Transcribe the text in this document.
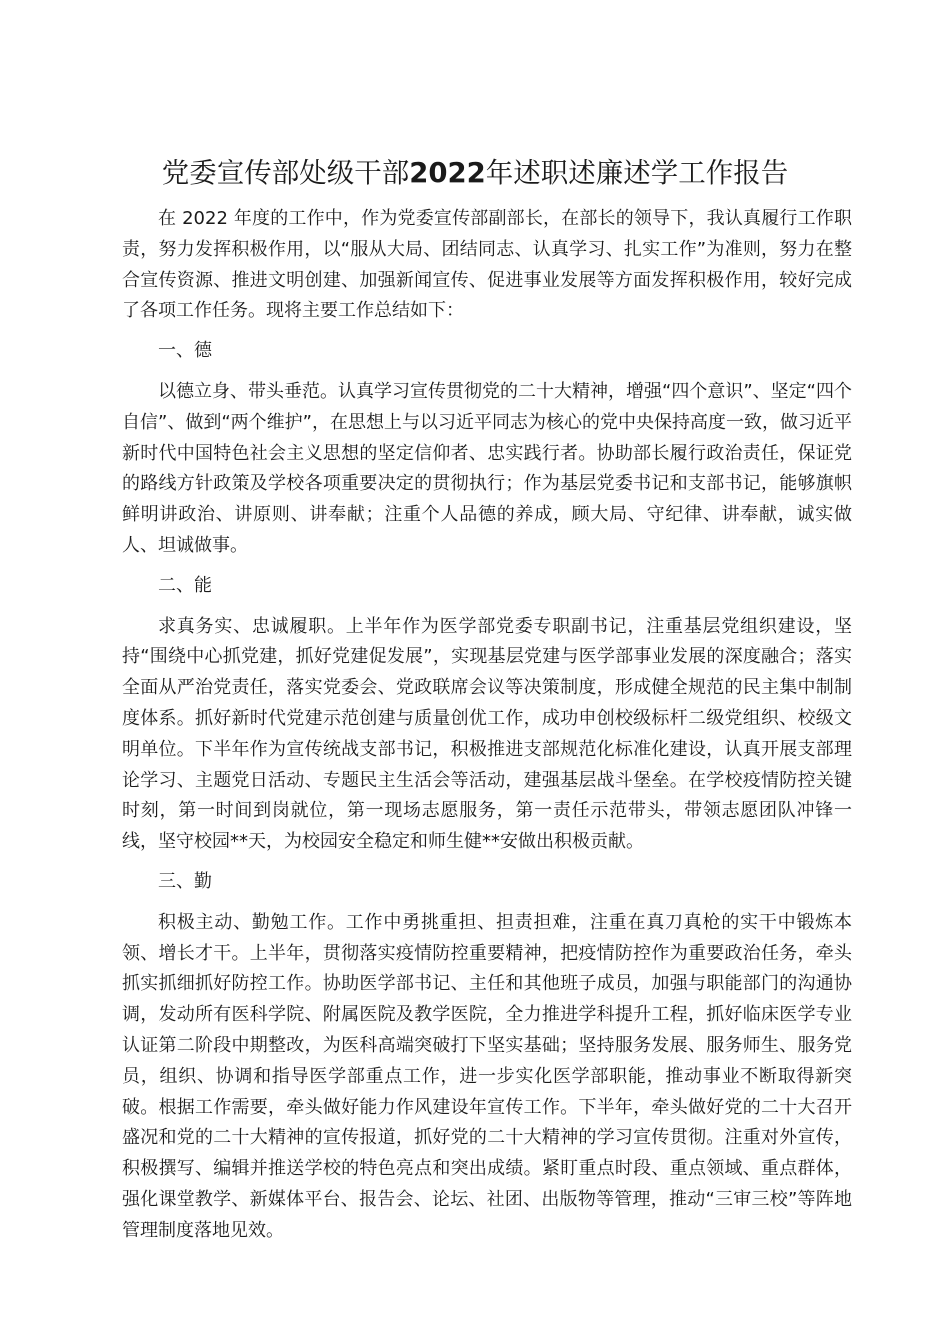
党委宣传部处级干部2022年述职述廉述学工作报告

在 2022 年度的工作中，作为党委宣传部副部长，在部长的领导下，我认真履行工作职责，努力发挥积极作用，以“服从大局、团结同志、认真学习、扎实工作”为准则，努力在整合宣传资源、推进文明创建、加强新闻宣传、促进事业发展等方面发挥积极作用，较好完成了各项工作任务。现将主要工作总结如下：

一、德

以德立身、带头垂范。认真学习宣传贯彻党的二十大精神，增强“四个意识”、坚定“四个自信”、做到“两个维护”，在思想上与以习近平同志为核心的党中央保持高度一致，做习近平新时代中国特色社会主义思想的坚定信仰者、忠实践行者。协助部长履行政治责任，保证党的路线方针政策及学校各项重要决定的贯彻执行；作为基层党委书记和支部书记，能够旗帜鲜明讲政治、讲原则、讲奉献；注重个人品德的养成，顾大局、守纪律、讲奉献，诚实做人、坦诚做事。

二、能

求真务实、忠诚履职。上半年作为医学部党委专职副书记，注重基层党组织建设，坚持“围绕中心抓党建，抓好党建促发展”，实现基层党建与医学部事业发展的深度融合；落实全面从严治党责任，落实党委会、党政联席会议等决策制度，形成健全规范的民主集中制制度体系。抓好新时代党建示范创建与质量创优工作，成功申创校级标杆二级党组织、校级文明单位。下半年作为宣传统战支部书记，积极推进支部规范化标准化建设，认真开展支部理论学习、主题党日活动、专题民主生活会等活动，建强基层战斗堡垒。在学校疫情防控关键时刻，第一时间到岗就位，第一现场志愿服务，第一责任示范带头，带领志愿团队冲锋一线，坚守校园**天，为校园安全稳定和师生健**安做出积极贡献。

三、勤

积极主动、勤勉工作。工作中勇挑重担、担责担难，注重在真刀真枪的实干中锻炼本领、增长才干。上半年，贯彻落实疫情防控重要精神，把疫情防控作为重要政治任务，牵头抓实抓细抓好防控工作。协助医学部书记、主任和其他班子成员，加强与职能部门的沟通协调，发动所有医科学院、附属医院及教学医院，全力推进学科提升工程，抓好临床医学专业认证第二阶段中期整改，为医科高端突破打下坚实基础；坚持服务发展、服务师生、服务党员，组织、协调和指导医学部重点工作，进一步实化医学部职能，推动事业不断取得新突破。根据工作需要，牵头做好能力作风建设年宣传工作。下半年，牵头做好党的二十大召开盛况和党的二十大精神的宣传报道，抓好党的二十大精神的学习宣传贯彻。注重对外宣传，积极撰写、编辑并推送学校的特色亮点和突出成绩。紧盯重点时段、重点领域、重点群体，强化课堂教学、新媒体平台、报告会、论坛、社团、出版物等管理，推动“三审三校”等阵地管理制度落地见效。
